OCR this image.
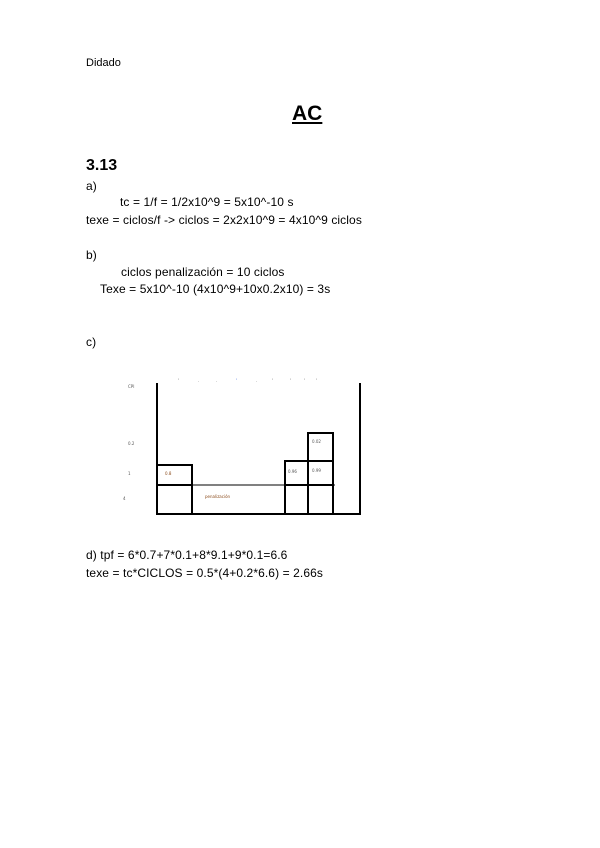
Didado
AC
3.13
a)
tc = 1/f = 1/2x10^9 = 5x10^-10 s
texe = ciclos/f -> ciclos = 2x2x10^9 = 4x10^9 ciclos
b)
ciclos penalización = 10 ciclos
Texe = 5x10^-10 (4x10^9+10x0.2x10) = 3s
c)
'	.	.	'	.	'	'	'	'
CPI
0.2
1
4
0.8
penalización
0.96	0.99
0.02
d) tpf = 6*0.7+7*0.1+8*9.1+9*0.1=6.6
texe = tc*CICLOS = 0.5*(4+0.2*6.6) = 2.66s
